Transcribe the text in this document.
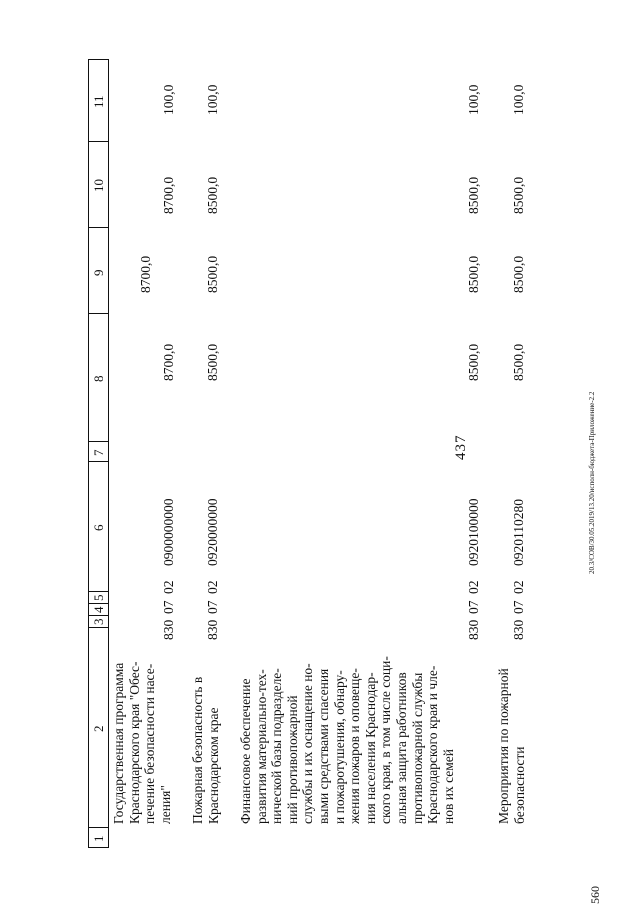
437	20.3/СОВ/30.05.2019/13.20/исполн-бюджета-Приложение-2.2
560
1
2
3
4
5
6
7
8
9
10
11
Государственная программа Краснодарского края "Обес- печение безопасности насе- ления"
830
07
02
0900000000
8700,0
8700,0
8700,0
100,0
Пожарная безопасность в Краснодарском крае
830
07
02
0920000000
8500,0
8500,0
8500,0
100,0
Финансовое обеспечение развития материально-тех- нической базы подразделе- ний противопожарной службы и их оснащение но- выми средствами спасения и пожаротушения, обнару- жения пожаров и оповеще- ния населения Краснодар- ского края, в том числе соци- альная защита работников противопожарной службы Краснодарского края и чле- нов их семей
830
07
02
0920100000
8500,0
8500,0
8500,0
100,0
Мероприятия по пожарной безопасности
830
07
02
0920110280
8500,0
8500,0
8500,0
100,0
